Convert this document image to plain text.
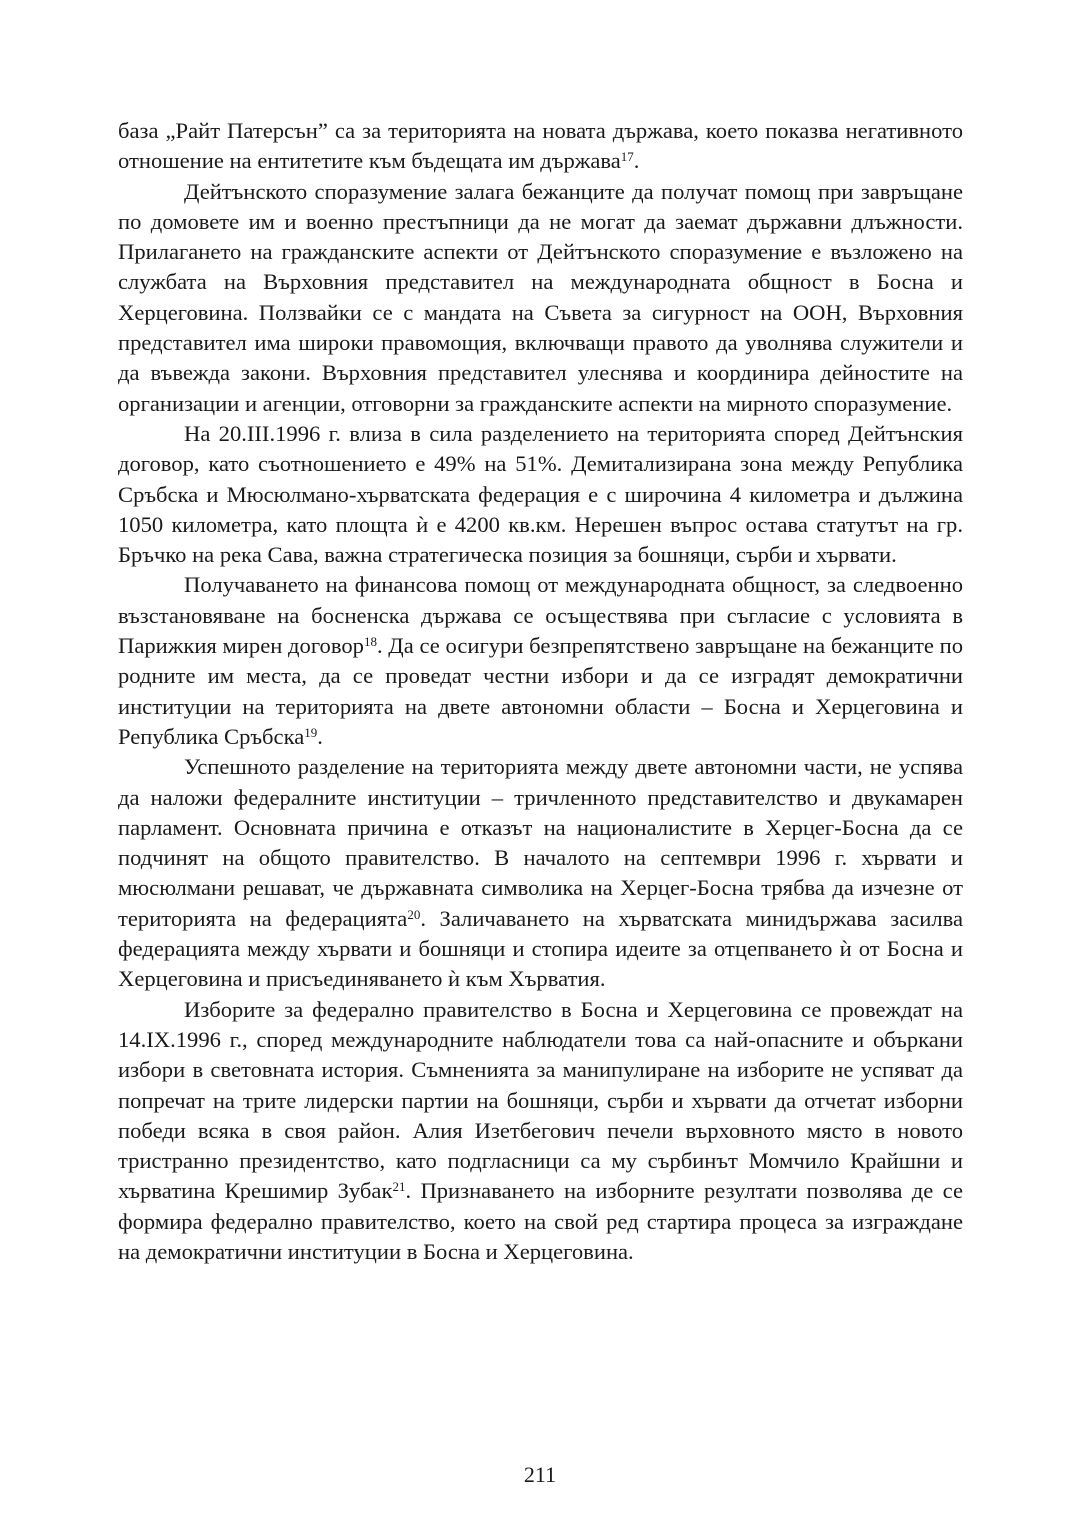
база „Райт Патерсън” са за територията на новата държава, което показва негативното отношение на ентитетите към бъдещата им държава$^{17}$.

Дейтънското споразумение залага бежанците да получат помощ при завръщане по домовете им и военно престъпници да не могат да заемат държавни длъжности. Прилагането на гражданските аспекти от Дейтънското споразумение е възложено на службата на Върховния представител на международната общност в Босна и Херцеговина. Ползвайки се с мандата на Съвета за сигурност на ООН, Върховния представител има широки правомощия, включващи правото да уволнява служители и да въвежда закони. Върховния представител улеснява и координира дейностите на организации и агенции, отговорни за гражданските аспекти на мирното споразумение.

На 20.III.1996 г. влиза в сила разделението на територията според Дейтънския договор, като съотношението е 49% на 51%. Демитализирана зона между Република Сръбска и Мюсюлмано-хърватската федерация е с широчина 4 километра и дължина 1050 километра, като площта ѝ е 4200 кв.км. Нерешен въпрос остава статутът на гр. Бръчко на река Сава, важна стратегическа позиция за бошняци, сърби и хървати.

Получаването на финансова помощ от международната общност, за следвоенно възстановяване на босненска държава се осъществява при съгласие с условията в Парижкия мирен договор$^{18}$. Да се осигури безпрепятствено завръщане на бежанците по родните им места, да се проведат честни избори и да се изградят демократични институции на територията на двете автономни области – Босна и Херцеговина и Република Сръбска$^{19}$.

Успешното разделение на територията между двете автономни части, не успява да наложи федералните институции – тричленното представителство и двукамарен парламент. Основната причина е отказът на националистите в Херцег-Босна да се подчинят на общото правителство. В началото на септември 1996 г. хървати и мюсюлмани решават, че държавната символика на Херцег-Босна трябва да изчезне от територията на федерацията$^{20}$. Заличаването на хърватската минидържава засилва федерацията между хървати и бошняци и стопира идеите за отцепването ѝ от Босна и Херцеговина и присъединяването ѝ към Хърватия.

Изборите за федерално правителство в Босна и Херцеговина се провеждат на 14.IX.1996 г., според международните наблюдатели това са най-опасните и объркани избори в световната история. Съмненията за манипулиране на изборите не успяват да попречат на трите лидерски партии на бошняци, сърби и хървати да отчетат изборни победи всяка в своя район. Алия Изетбегович печели върховното място в новото тристранно президентство, като подгласници са му сърбинът Момчило Крайшни и хърватина Крешимир Зубак$^{21}$. Признаването на изборните резултати позволява де се формира федерално правителство, което на свой ред стартира процеса за изграждане на демократични институции в Босна и Херцеговина.

211
